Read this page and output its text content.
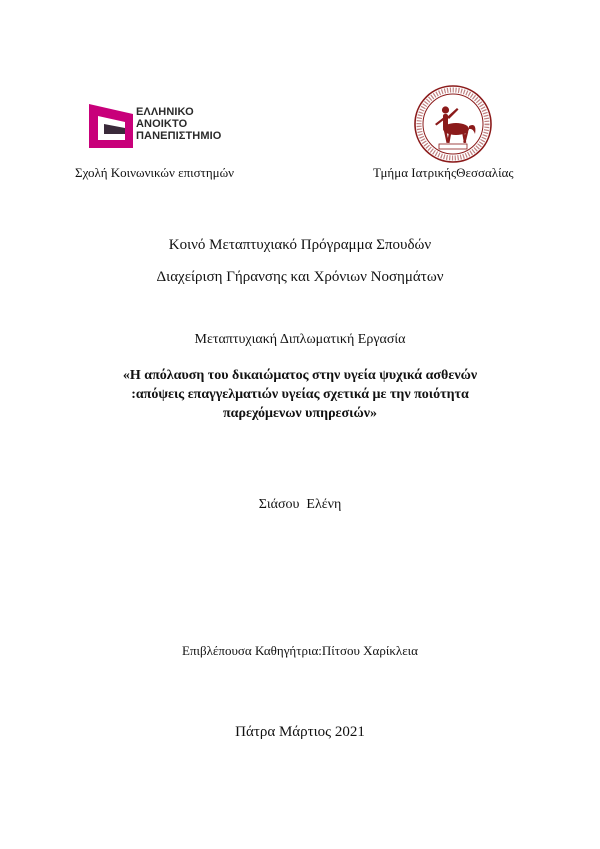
ΕΛΛΗΝΙΚΟ
ΑΝΟΙΚΤΟ
ΠΑΝΕΠΙΣΤΗΜΙΟ
Σχολή Κοινωνικών επιστημών	Τμήμα ΙατρικήςΘεσσαλίας
Κοινό Μεταπτυχιακό Πρόγραμμα Σπουδών
Διαχείριση Γήρανσης και Χρόνιων Νοσημάτων
Μεταπτυχιακή Διπλωματική Εργασία
«Η απόλαυση του δικαιώματος στην υγεία ψυχικά ασθενών
:απόψεις επαγγελματιών υγείας σχετικά με την ποιότητα
παρεχόμενων υπηρεσιών»
Σιάσου  Ελένη
Επιβλέπουσα Καθηγήτρια:Πίτσου Χαρίκλεια
Πάτρα Μάρτιος 2021
